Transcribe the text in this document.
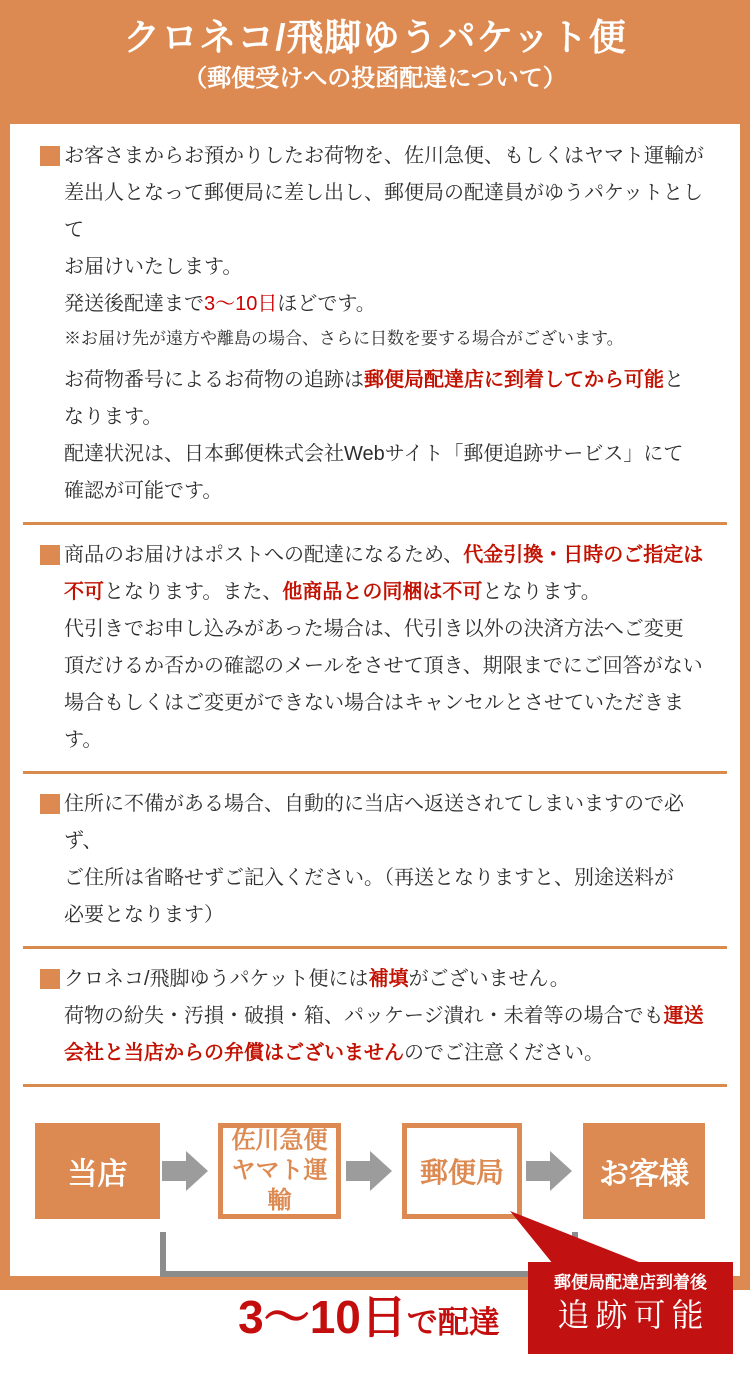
クロネコ/飛脚ゆうパケット便
（郵便受けへの投函配達について）

お客さまからお預かりしたお荷物を、佐川急便、もしくはヤマト運輸が
差出人となって郵便局に差し出し、郵便局の配達員がゆうパケットとして
お届けいたします。
発送後配達まで3〜10日ほどです。

※お届け先が遠方や離島の場合、さらに日数を要する場合がございます。

お荷物番号によるお荷物の追跡は郵便局配達店に到着してから可能と
なります。
配達状況は、日本郵便株式会社Webサイト「郵便追跡サービス」にて
確認が可能です。

商品のお届けはポストへの配達になるため、代金引換・日時のご指定は
不可となります。また、他商品との同梱は不可となります。
代引きでお申し込みがあった場合は、代引き以外の決済方法へご変更
頂だけるか否かの確認のメールをさせて頂き、期限までにご回答がない
場合もしくはご変更ができない場合はキャンセルとさせていただきます。

住所に不備がある場合、自動的に当店へ返送されてしまいますので必ず、
ご住所は省略せずご記入ください。（再送となりますと、別途送料が
必要となります）

クロネコ/飛脚ゆうパケット便には補填がございません。
荷物の紛失・汚損・破損・箱、パッケージ潰れ・未着等の場合でも運送
会社と当店からの弁償はございませんのでご注意ください。

当店
佐川急便
ヤマト運輸
郵便局	お客様
3〜10日で配達
郵便局配達店到着後
追跡可能
